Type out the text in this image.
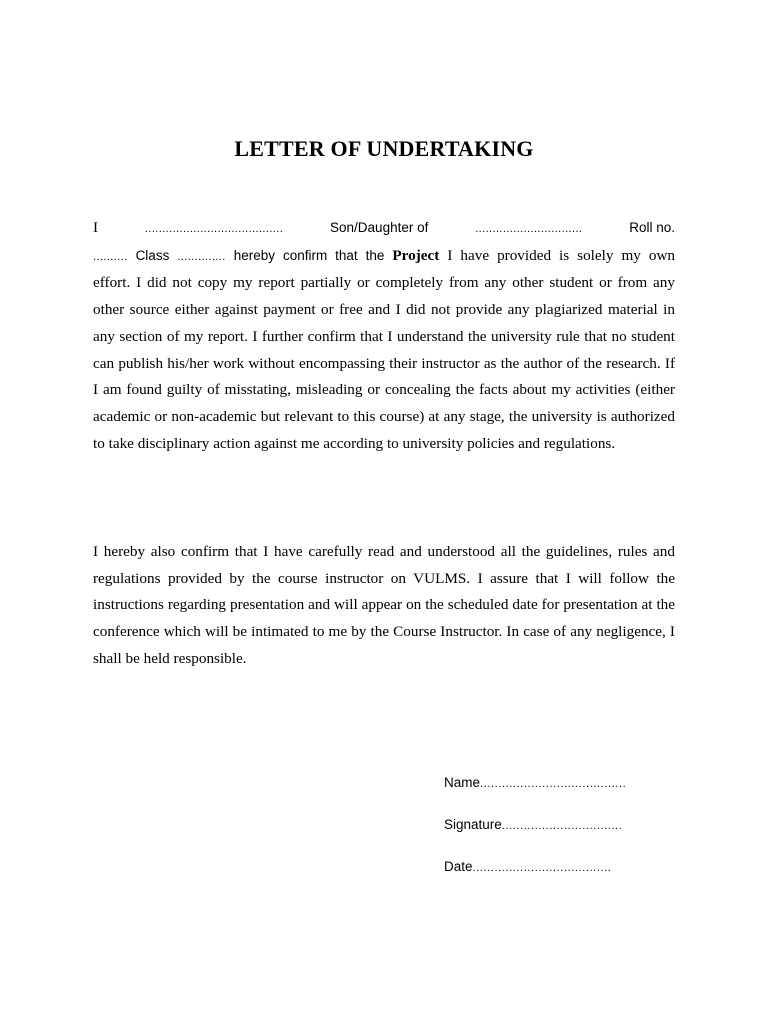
LETTER OF UNDERTAKING
I	........................................	Son/Daughter of	...............................	Roll no.
.......... Class .............. hereby confirm that the Project I have provided is solely my own
effort. I did not copy my report partially or completely from any other student or from any other source either against payment or free and I did not provide any plagiarized material in any section of my report. I further confirm that I understand the university rule that no student can publish his/her work without encompassing their instructor as the author of the research. If I am found guilty of misstating, misleading or concealing the facts about my activities (either academic or non-academic but relevant to this course) at any stage, the university is authorized to take disciplinary action against me according to university policies and regulations.
I hereby also confirm that I have carefully read and understood all the guidelines, rules and regulations provided by the course instructor on VULMS. I assure that I will follow the instructions regarding presentation and will appear on the scheduled date for presentation at the conference which will be intimated to me by the Course Instructor. In case of any negligence, I shall be held responsible.
Name........................................
Signature.................................
Date......................................
